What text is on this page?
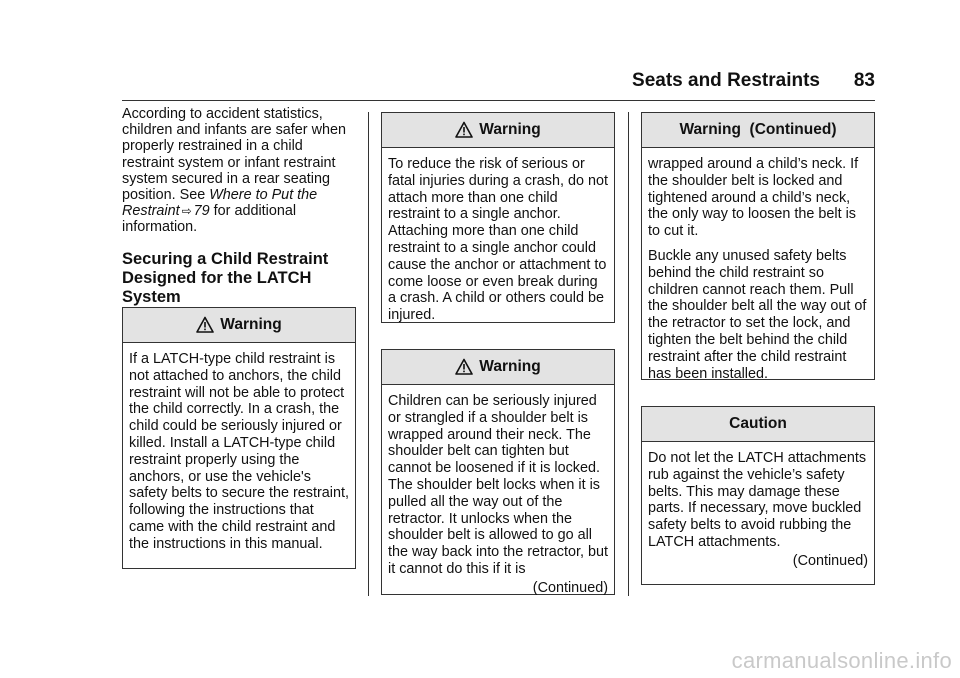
Seats and Restraints 83

According to accident statistics, children and infants are safer when properly restrained in a child restraint system or infant restraint system secured in a rear seating position. See Where to Put the Restraint ⇨ 79 for additional information.

Securing a Child Restraint Designed for the LATCH System
Warning

If a LATCH-type child restraint is not attached to anchors, the child restraint will not be able to protect the child correctly. In a crash, the child could be seriously injured or killed. Install a LATCH-type child restraint properly using the anchors, or use the vehicle's safety belts to secure the restraint, following the instructions that came with the child restraint and the instructions in this manual.

Warning

To reduce the risk of serious or fatal injuries during a crash, do not attach more than one child restraint to a single anchor. Attaching more than one child restraint to a single anchor could cause the anchor or attachment to come loose or even break during a crash. A child or others could be injured.

Warning

Children can be seriously injured or strangled if a shoulder belt is wrapped around their neck. The shoulder belt can tighten but cannot be loosened if it is locked. The shoulder belt locks when it is pulled all the way out of the retractor. It unlocks when the shoulder belt is allowed to go all the way back into the retractor, but it cannot do this if it is

(Continued)

Warning  (Continued)

wrapped around a child’s neck. If the shoulder belt is locked and tightened around a child’s neck, the only way to loosen the belt is to cut it.

Buckle any unused safety belts behind the child restraint so children cannot reach them. Pull the shoulder belt all the way out of the retractor to set the lock, and tighten the belt behind the child restraint after the child restraint has been installed.

Caution

Do not let the LATCH attachments rub against the vehicle’s safety belts. This may damage these parts. If necessary, move buckled safety belts to avoid rubbing the LATCH attachments.

(Continued)

carmanualsonline.info
